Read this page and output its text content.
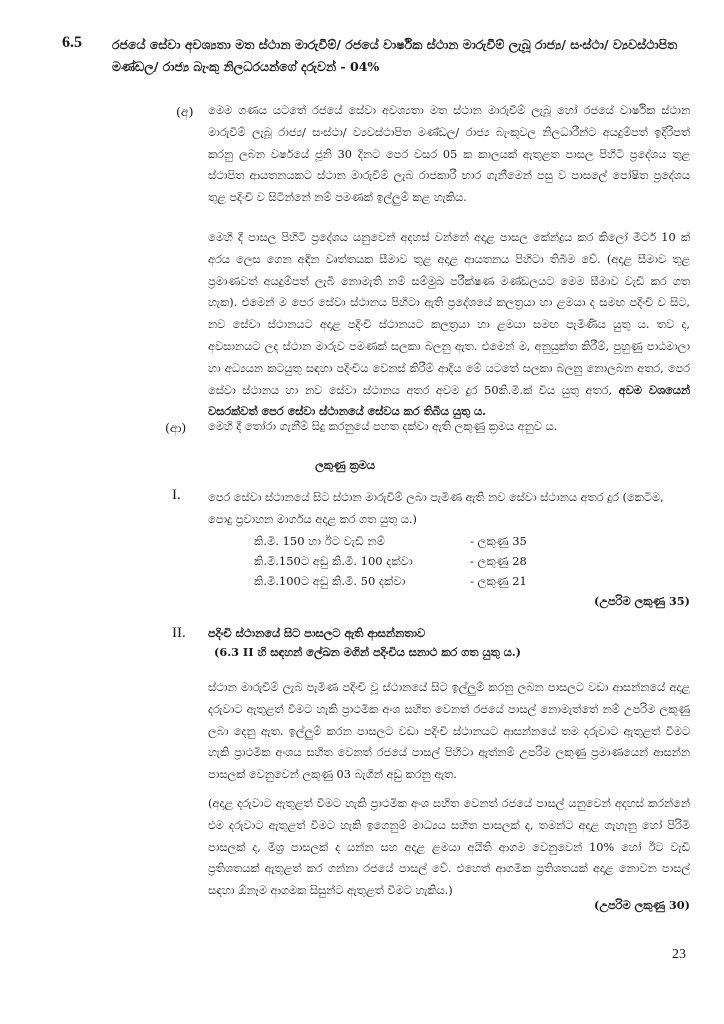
6.5 රජයේ සේවා අවශ්‍යතා මත ස්ථාන මාරුවීම්/ රජයේ වාර්ෂික ස්ථාන මාරුවීම් ලැබූ රාජ්‍ය/ සංස්ථා/ ව්‍යවස්ථාපිත මණ්ඩල/ රාජ්‍ය බැංකු නිලධරයන්ගේ දරුවන් - 04%
(අ) මෙම ගණය යටතේ රජයේ සේවා අවශ්‍යතා මත ස්ථාන මාරුවීම් ලැබූ හෝ රජයේ වාර්ෂික ස්ථාන මාරුවීම් ලැබූ රාජ්‍ය/ සංස්ථා/ ව්‍යවස්ථාපිත මණ්ඩල/ රාජ්‍ය බැංකුවල නිලධාරීන්ට අයදුම්පත් ඉදිරිපත් කරනු ලබන වර්ෂයේ ජූනි 30 දිනට පෙර වසර 05 ක කාලයක් ඇතුළත පාසල පිහිටි ප්‍රදේශය තුළ ස්ථාපිත ආයතනයකට ස්ථාන මාරුවීම් ලැබ රාජකාරී භාර ගැනීමෙන් පසු ව පාසලේ පෝෂිත ප්‍රදේශය තුළ පදිංචි ව සිටින්නේ නම් පමණක් ඉල්ලුම් කළ හැකිය.
මෙහි දී පාසල පිහිටි ප්‍රදේශය යනුවෙන් අදහස් වන්නේ අදාළ පාසල කේන්ද්‍රය කර කිලෝ මීටර් 10 ක් අරය ලෙස ගෙන අඳින වෘත්තයක සීමාව තුළ අදාළ ආයතනය පිහිටා තිබීම වේ. (අදාළ සීමාව තුළ ප්‍රමාණවත් අයදුම්පත් ලැබී නොමැති නම් සම්මුඛ පරීක්ෂණ මණ්ඩලයට මෙම සීමාව වැඩි කර ගත හැක). එමෙන් ම පෙර සේවා ස්ථානය පිහිටා ඇති ප්‍රදේශයේ කලත්‍රයා හා ළමයා ද සමඟ පදිංචි ව සිට, නව සේවා ස්ථානයට අදාළ පදිංචි ස්ථානයට කලත්‍රයා හා ළමයා සමඟ පැමිණිය යුතු ය. තව ද, අවසානයට ලද ස්ථාන මාරුව පමණක් සලකා බලනු ඇත. එමෙන් ම, අනුයුක්ත කිරීම්, පුහුණු පාඨමාලා හා අධ්‍යයන කටයුතු සඳහා පදිංචිය වෙනස් කිරීම් ආදිය මේ යටතේ සලකා බලනු නොලබන අතර, පෙර සේවා ස්ථානය හා නව සේවා ස්ථානය අතර අවම දුර 50කි.මී.ක් විය යුතු අතර, අවම වශයෙන් වසරක්වත් පෙර සේවා ස්ථානයේ සේවය කර තිබිය යුතු ය.
(ආ) මෙහි දී තෝරා ගැනීම් සිදු කරනුයේ පහත දක්වා ඇති ලකුණු ක්‍රමය අනුව ය.
ලකුණු ක්‍රමය
I. පෙර සේවා ස්ථානයේ සිට ස්ථාන මාරුවීම් ලබා පැමිණ ඇති නව සේවා ස්ථානය අතර දුර (කෙටිම, පොදු ප්‍රවාහන මාර්ගය අදාළ කර ගත යුතු ය.)
කි.මී. 150 හා ඊට වැඩි නම්	- ලකුණු 35
කි.මී.150ට අඩු කි.මී. 100 දක්වා	- ලකුණු 28
කි.මී.100ට අඩු කි.මී. 50 දක්වා	- ලකුණු 21
(උපරිම ලකුණු 35)
II. පදිංචි ස්ථානයේ සිට පාසලට ඇති ආසන්නතාව
(6.3 II හි සඳහන් ලේඛන මගින් පදිංචිය සනාථ කර ගත යුතු ය.)
ස්ථාන මාරුවීම් ලැබ පැමිණ පදිංචි වූ ස්ථානයේ සිට ඉල්ලුම් කරනු ලබන පාසලට වඩා ආසන්නයේ අදාළ දරුවාට ඇතුළත් වීමට හැකි ප්‍රාථමික අංශ සහිත වෙනත් රජයේ පාසල් නොමැත්තේ නම් උපරිම ලකුණු ලබා දෙනු ඇත. ඉල්ලුම් කරන පාසලට වඩා පදිංචි ස්ථානයට ආසන්නයේ තම දරුවාට ඇතුළත් වීමට හැකි ප්‍රාථමික අංශය සහිත වෙනත් රජයේ පාසල් පිහිටා ඇත්නම් උපරිම ලකුණු ප්‍රමාණයෙන් ආසන්න පාසලක් වෙනුවෙන් ලකුණු 03 බැගින් අඩු කරනු ඇත.
(අදාළ දරුවාට ඇතුළත් වීමට හැකි ප්‍රාථමික අංශ සහිත වෙනත් රජයේ පාසල් යනුවෙන් අදහස් කරන්නේ එම දරුවාට ඇතුළත් වීමට හැකි ඉගෙනුම් මාධ්‍යය සහිත පාසලක් ද, තමන්ට අදාළ ගැහැනු හෝ පිරිමි පාසලක් ද, මිශ්‍ර පාසලක් ද යන්න සහ අදාළ ළමයා අයිති ආගම වෙනුවෙන් 10% හෝ ඊට වැඩි ප්‍රතිශතයක් ඇතුළත් කර ගන්නා රජයේ පාසල් වේ. එහෙත් ආගමික ප්‍රතිශතයක් අදාළ නොවන පාසල් සඳහා ඕනෑම ආගමක සිසුන්ට ඇතුළත් වීමට හැකිය.)
(උපරිම ලකුණු 30)
23
